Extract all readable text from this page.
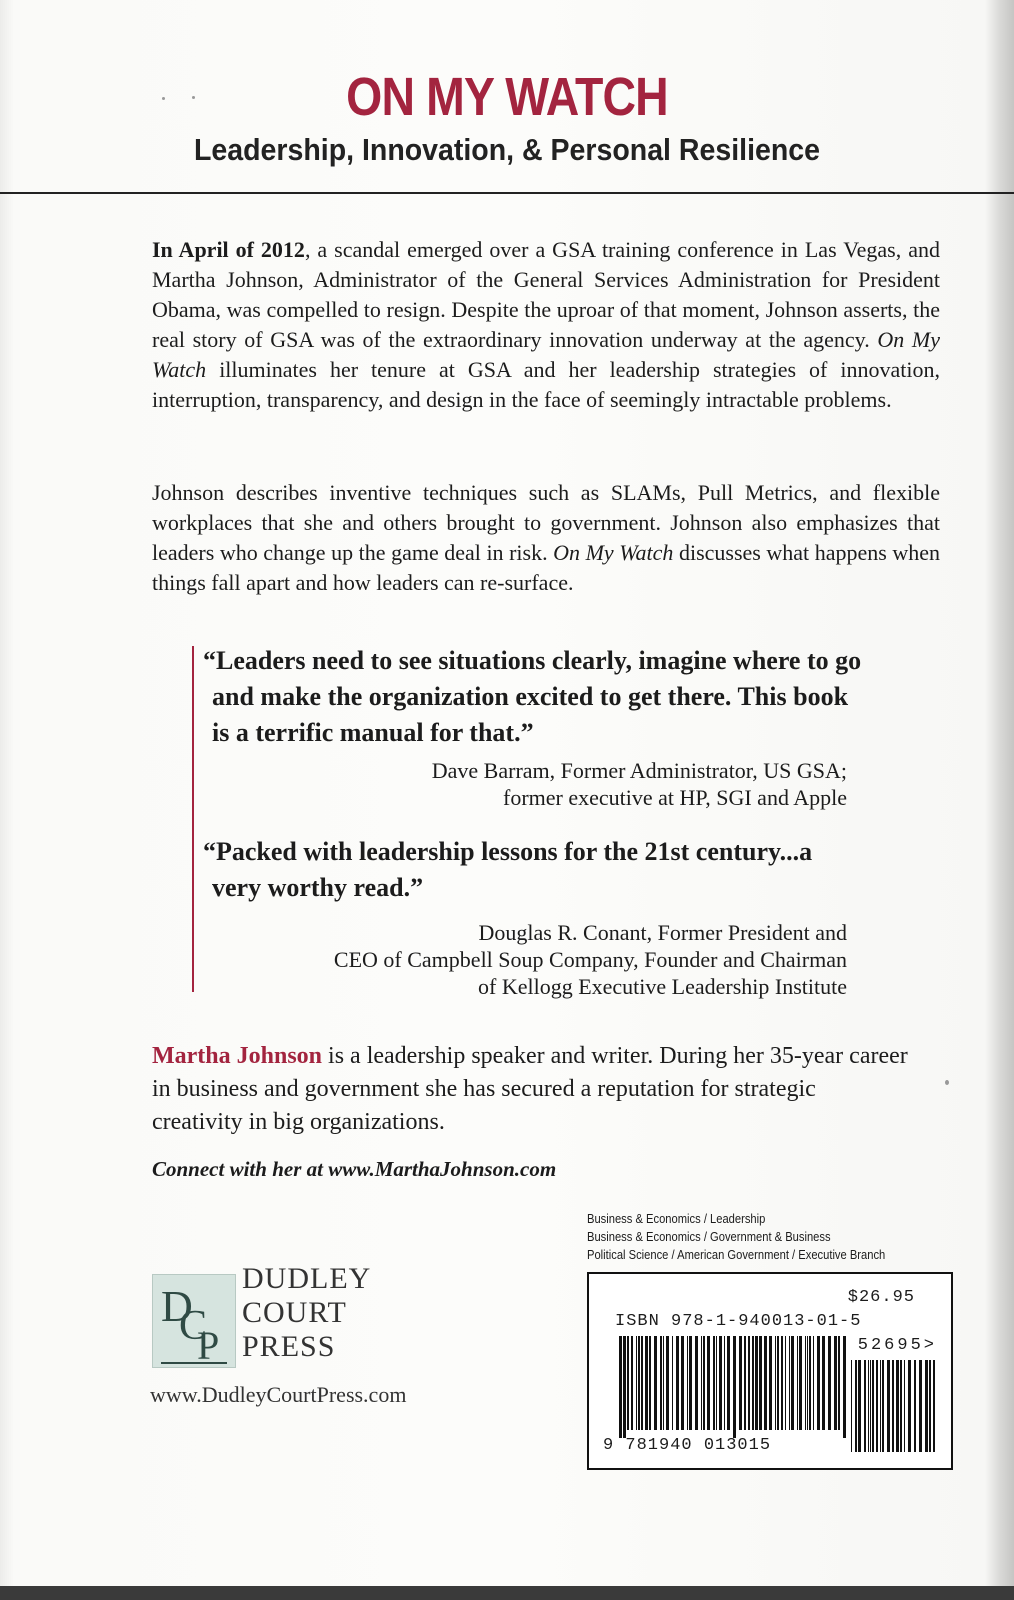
ON MY WATCH
Leadership, Innovation, & Personal Resilience

In April of 2012, a scandal emerged over a GSA training conference in Las Vegas, and Martha Johnson, Administrator of the General Services Administration for President Obama, was compelled to resign. Despite the uproar of that moment, Johnson asserts, the real story of GSA was of the extraordinary innovation underway at the agency. On My Watch illuminates her tenure at GSA and her leadership strategies of innovation, interruption, transparency, and design in the face of seemingly intractable problems.

Johnson describes inventive techniques such as SLAMs, Pull Metrics, and flexible workplaces that she and others brought to government. Johnson also emphasizes that leaders who change up the game deal in risk. On My Watch discusses what happens when things fall apart and how leaders can re-surface.

“Leaders need to see situations clearly, imagine where to go and make the organization excited to get there. This book is a terrific manual for that.”

Dave Barram, Former Administrator, US GSA;
former executive at HP, SGI and Apple

“Packed with leadership lessons for the 21st century...a very worthy read.”

Douglas R. Conant, Former President and
CEO of Campbell Soup Company, Founder and Chairman
of Kellogg Executive Leadership Institute

Martha Johnson is a leadership speaker and writer. During her 35-year career in business and government she has secured a reputation for strategic creativity in big organizations.

Connect with her at www.MarthaJohnson.com

Business & Economics / Leadership
Business & Economics / Government & Business
Political Science / American Government / Executive Branch

$26.95

ISBN 978-1-940013-01-5

52695>

9 781940 013015

D
C
P

DUDLEY
COURT
PRESS

www.DudleyCourtPress.com
